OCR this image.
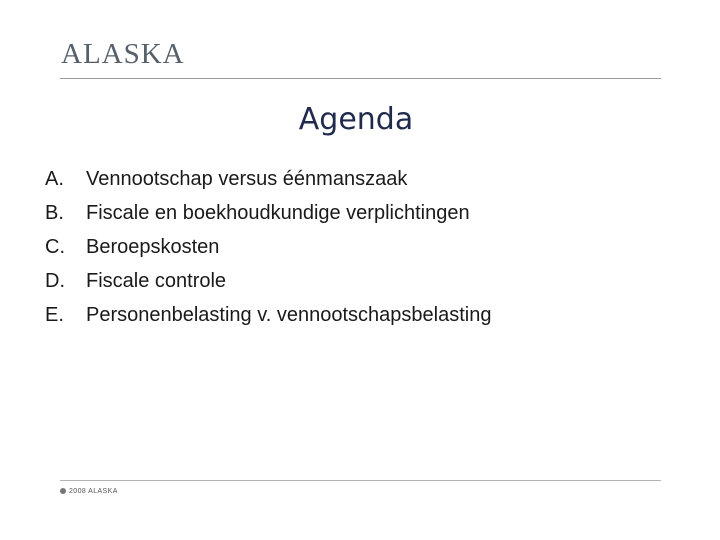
ALASKA
Agenda
A.	Vennootschap versus éénmanszaak
B.	Fiscale en boekhoudkundige verplichtingen
C.	Beroepskosten
D.	Fiscale controle
E.	Personenbelasting v. vennootschapsbelasting
2008 ALASKA
